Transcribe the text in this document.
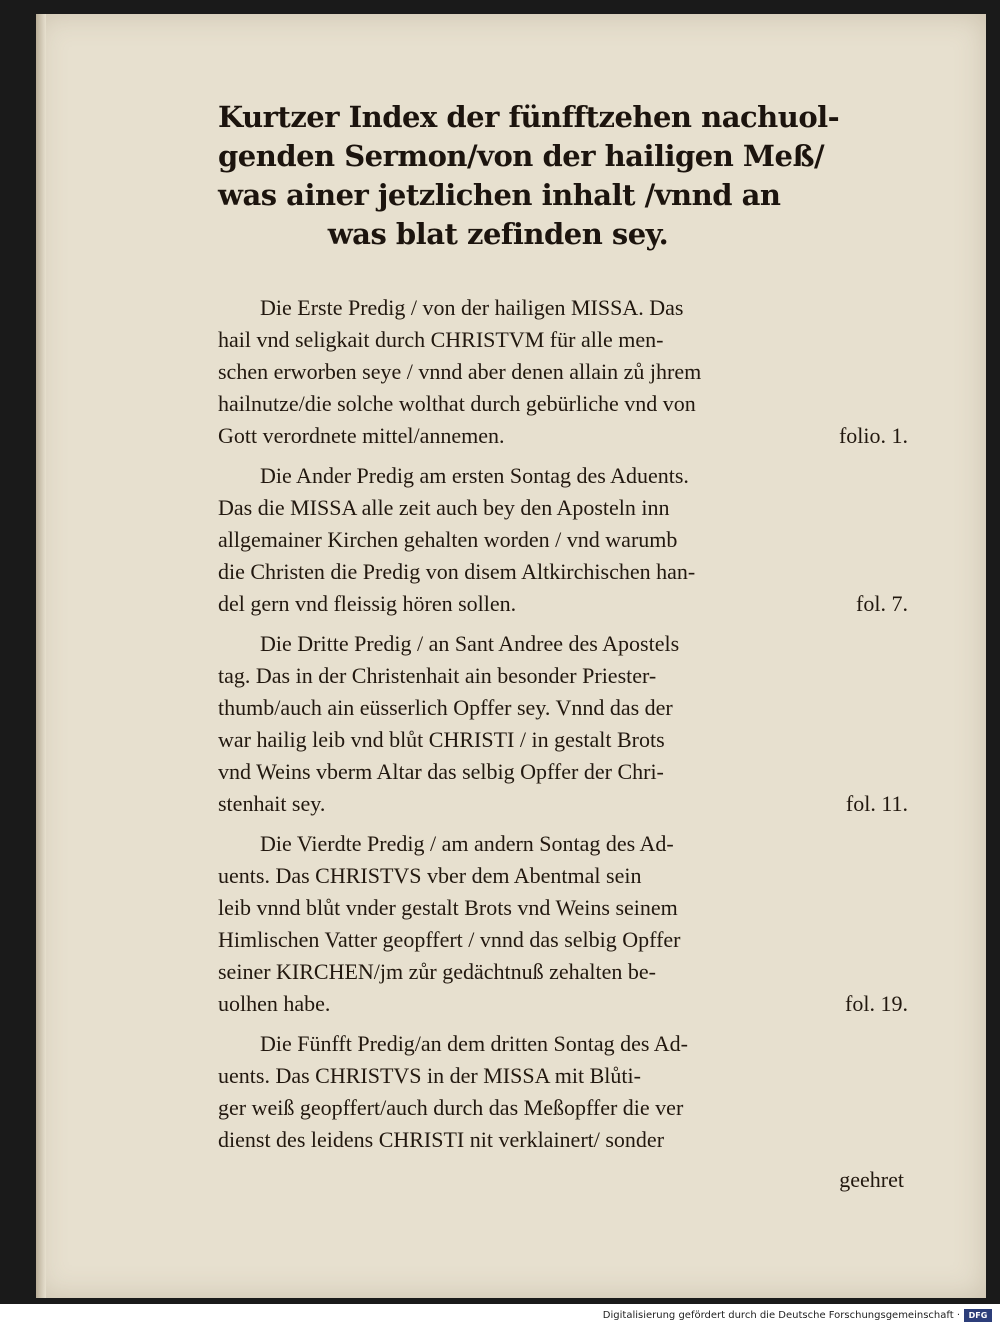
Kurtzer Index der fünfftzehen nachuol-
genden Sermon/von der hailigen Meß/
was ainer jetzlichen inhalt /vnnd an
was blat zefinden sey.
Die Erste Predig / von der hailigen MISSA. Das
hail vnd seligkait durch CHRISTVM für alle men-
schen erworben seye / vnnd aber denen allain zů jhrem
hailnutze/die solche wolthat durch gebürliche vnd von
Gott verordnete mittel/annemen.	folio. 1.
Die Ander Predig am ersten Sontag des Aduents.
Das die MISSA alle zeit auch bey den Aposteln inn
allgemainer Kirchen gehalten worden / vnd warumb
die Christen die Predig von disem Altkirchischen han-
del gern vnd fleissig hören sollen.	fol. 7.
Die Dritte Predig / an Sant Andree des Apostels
tag. Das in der Christenhait ain besonder Priester-
thumb/auch ain eüsserlich Opffer sey. Vnnd das der
war hailig leib vnd blůt CHRISTI / in gestalt Brots
vnd Weins vberm Altar das selbig Opffer der Chri-
stenhait sey.	fol. 11.
Die Vierdte Predig / am andern Sontag des Ad-
uents. Das CHRISTVS vber dem Abentmal sein
leib vnnd blůt vnder gestalt Brots vnd Weins seinem
Himlischen Vatter geopffert / vnnd das selbig Opffer
seiner KIRCHEN/jm zůr gedächtnuß zehalten be-
uolhen habe.	fol. 19.
Die Fünfft Predig/an dem dritten Sontag des Ad-
uents. Das CHRISTVS in der MISSA mit Blůti-
ger weiß geopffert/auch durch das Meßopffer die ver
dienst des leidens CHRISTI nit verklainert/ sonder
geehret
Digitalisierung gefördert durch die Deutsche Forschungsgemeinschaft ·	DFG
